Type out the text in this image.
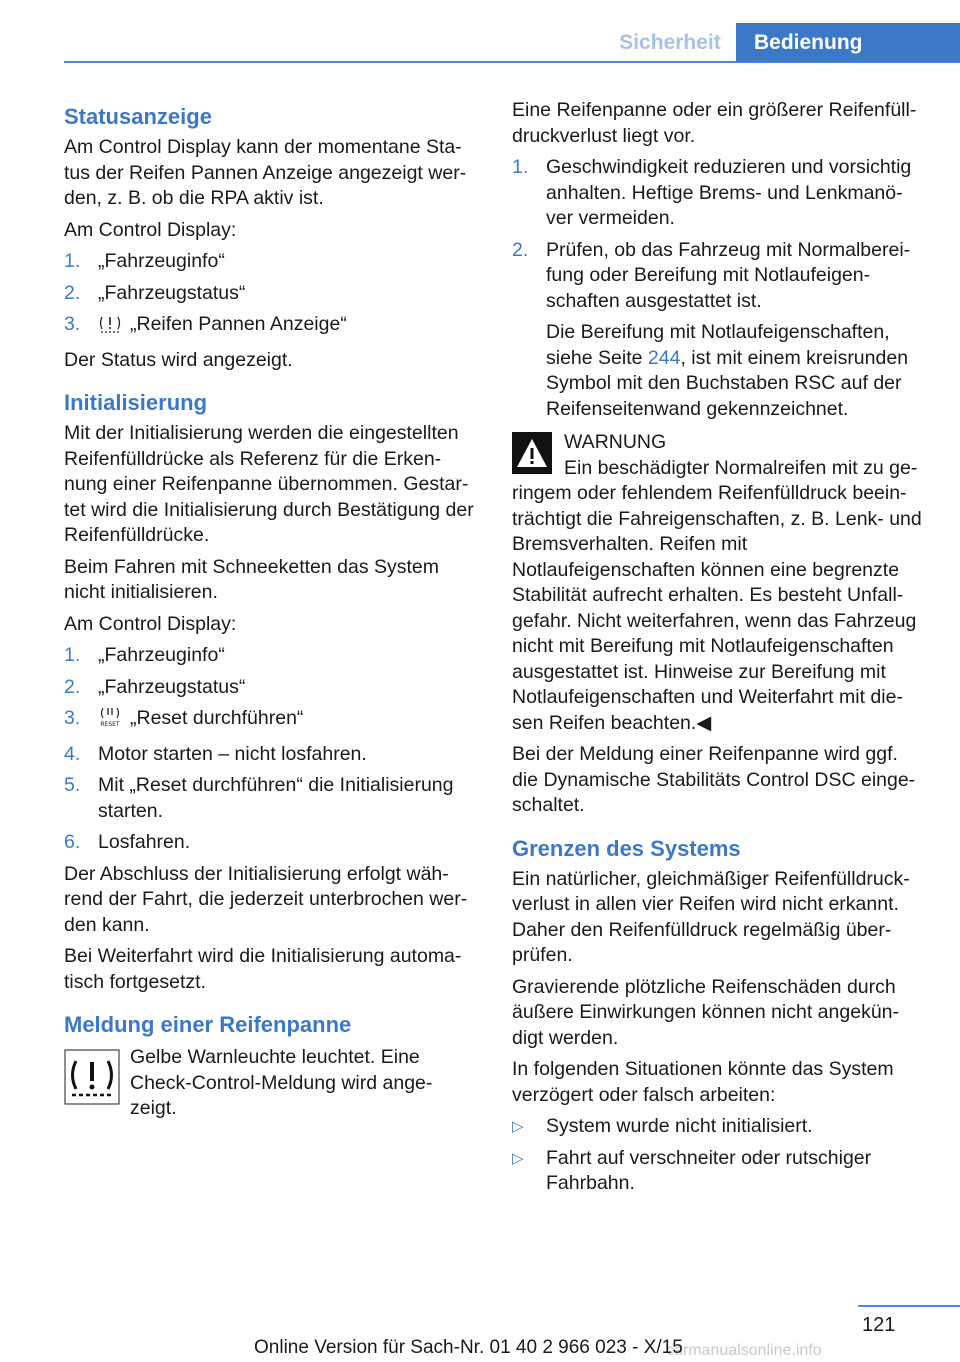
Sicherheit	Bedienung
Statusanzeige

Am Control Display kann der momentane Sta-tus der Reifen Pannen Anzeige angezeigt wer-den, z. B. ob die RPA aktiv ist.

Am Control Display:

1. „Fahrzeuginfo“
2. „Fahrzeugstatus“
3.	„Reifen Pannen Anzeige“

Der Status wird angezeigt.

Initialisierung

Mit der Initialisierung werden die eingestellten Reifenfülldrücke als Referenz für die Erken-nung einer Reifenpanne übernommen. Gestar-tet wird die Initialisierung durch Bestätigung der Reifenfülldrücke.

Beim Fahren mit Schneeketten das System nicht initialisieren.

Am Control Display:

1. „Fahrzeuginfo“
2. „Fahrzeugstatus“
3.	RESET „Reset durchführen“
4. Motor starten – nicht losfahren.
5. Mit „Reset durchführen“ die Initialisierung starten.
6. Losfahren.

Der Abschluss der Initialisierung erfolgt wäh-rend der Fahrt, die jederzeit unterbrochen wer-den kann.

Bei Weiterfahrt wird die Initialisierung automa-tisch fortgesetzt.

Meldung einer Reifenpanne

Gelbe Warnleuchte leuchtet. Eine Check-Control-Meldung wird ange-zeigt.

Eine Reifenpanne oder ein größerer Reifenfüll-druckverlust liegt vor.

1. Geschwindigkeit reduzieren und vorsichtig anhalten. Heftige Brems- und Lenkmanö-ver vermeiden.
2. Prüfen, ob das Fahrzeug mit Normalberei-fung oder Bereifung mit Notlaufeigen-schaften ausgestattet ist.

Die Bereifung mit Notlaufeigenschaften, siehe Seite 244, ist mit einem kreisrunden Symbol mit den Buchstaben RSC auf der Reifenseitenwand gekennzeichnet.

WARNUNG
Ein beschädigter Normalreifen mit zu ge-

ringem oder fehlendem Reifenfülldruck beein-trächtigt die Fahreigenschaften, z. B. Lenk- und Bremsverhalten. Reifen mit Notlaufeigenschaften können eine begrenzte Stabilität aufrecht erhalten. Es besteht Unfall-gefahr. Nicht weiterfahren, wenn das Fahrzeug nicht mit Bereifung mit Notlaufeigenschaften ausgestattet ist. Hinweise zur Bereifung mit Notlaufeigenschaften und Weiterfahrt mit die-sen Reifen beachten.◀

Bei der Meldung einer Reifenpanne wird ggf. die Dynamische Stabilitäts Control DSC einge-schaltet.

Grenzen des Systems

Ein natürlicher, gleichmäßiger Reifenfülldruck-verlust in allen vier Reifen wird nicht erkannt. Daher den Reifenfülldruck regelmäßig über-prüfen.

Gravierende plötzliche Reifenschäden durch äußere Einwirkungen können nicht angekün-digt werden.

In folgenden Situationen könnte das System verzögert oder falsch arbeiten:

▷ System wurde nicht initialisiert.
▷ Fahrt auf verschneiter oder rutschiger Fahrbahn.
121
carmanualsonline.info
Online Version für Sach-Nr. 01 40 2 966 023 - X/15
